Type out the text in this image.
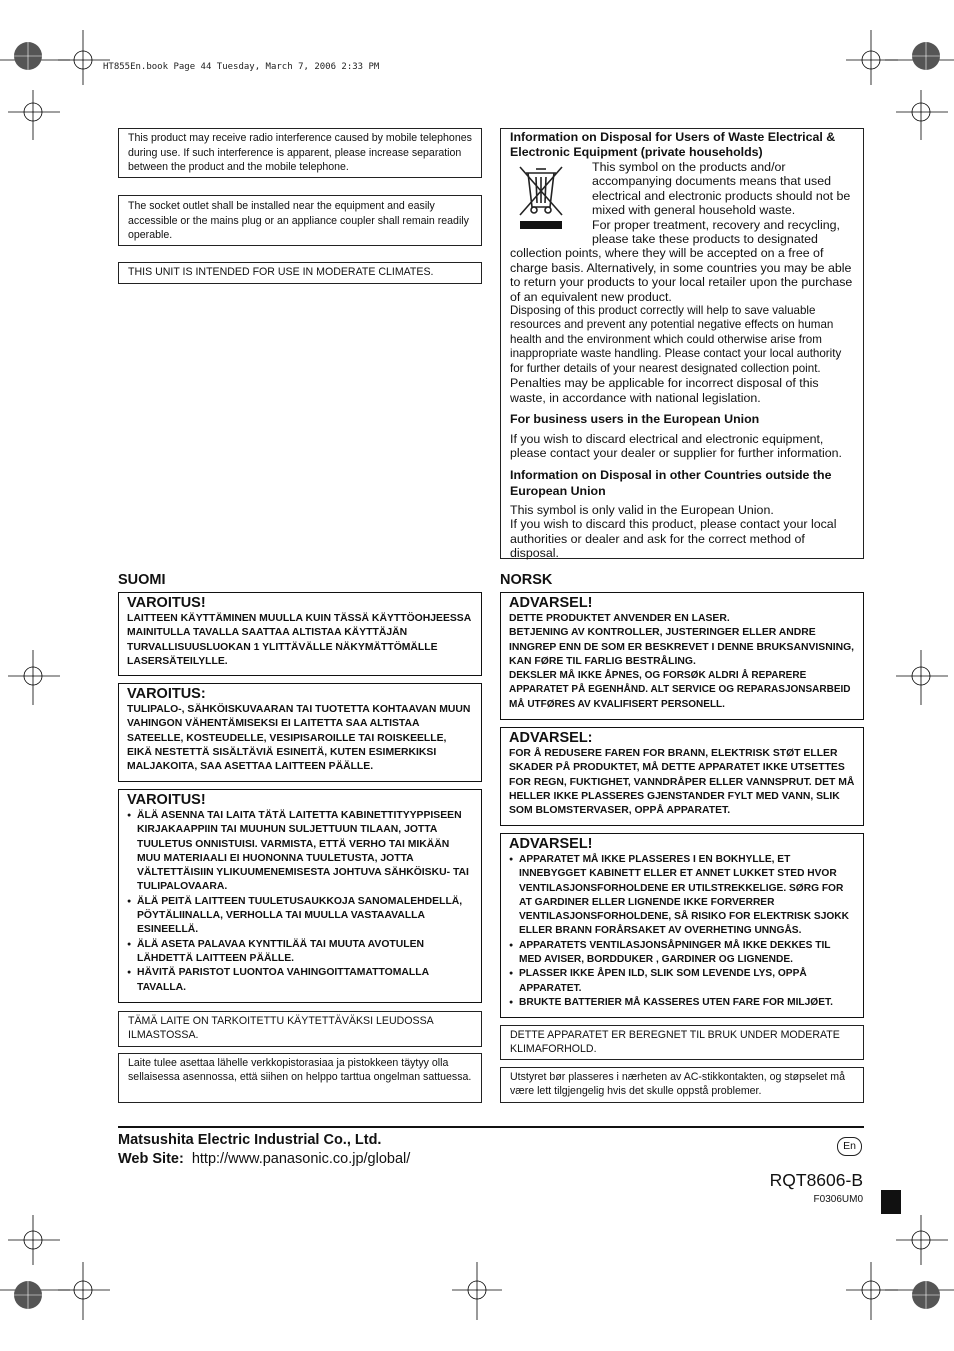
HT855En.book Page 44 Tuesday, March 7, 2006 2:33 PM
This product may receive radio interference caused by mobile telephones during use. If such interference is apparent, please increase separation between the product and the mobile telephone.
The socket outlet shall be installed near the equipment and easily accessible or the mains plug or an appliance coupler shall remain readily operable.
THIS UNIT IS INTENDED FOR USE IN MODERATE CLIMATES.
Information on Disposal for Users of Waste Electrical & Electronic Equipment (private households)
This symbol on the products and/or accompanying documents means that used electrical and electronic products should not be mixed with general household waste.
For proper treatment, recovery and recycling, please take these products to designated collection points, where they will be accepted on a free of charge basis. Alternatively, in some countries you may be able to return your products to your local retailer upon the purchase of an equivalent new product.
Disposing of this product correctly will help to save valuable resources and prevent any potential negative effects on human health and the environment which could otherwise arise from inappropriate waste handling. Please contact your local authority for further details of your nearest designated collection point.
Penalties may be applicable for incorrect disposal of this waste, in accordance with national legislation.
For business users in the European Union
If you wish to discard electrical and electronic equipment, please contact your dealer or supplier for further information.
Information on Disposal in other Countries outside the European Union
This symbol is only valid in the European Union.
If you wish to discard this product, please contact your local authorities or dealer and ask for the correct method of disposal.
SUOMI
VAROITUS!
LAITTEEN KÄYTTÄMINEN MUULLA KUIN TÄSSÄ KÄYTTÖOHJEESSA MAINITULLA TAVALLA SAATTAA ALTISTAA KÄYTTÄJÄN TURVALLISUUSLUOKAN 1 YLITTÄVÄLLE NÄKYMÄTTÖMÄLLE LASERSÄTEILYLLE.
VAROITUS:
TULIPALO-, SÄHKÖISKUVAARAN TAI TUOTETTA KOHTAAVAN MUUN VAHINGON VÄHENTÄMISEKSI EI LAITETTA SAA ALTISTAA SATEELLE, KOSTEUDELLE, VESIPISAROILLE TAI ROISKEELLE, EIKÄ NESTETTÄ SISÄLTÄVIÄ ESINEITÄ, KUTEN ESIMERKIKSI MALJAKOITA, SAA ASETTAA LAITTEEN PÄÄLLE.
VAROITUS!
● ÄLÄ ASENNA TAI LAITA TÄTÄ LAITETTA KABINETTITYYPPISEEN KIRJAKAAPPIIN TAI MUUHUN SULJETTUUN TILAAN, JOTTA TUULETUS ONNISTUISI. VARMISTA, ETTÄ VERHO TAI MIKÄÄN MUU MATERIAALI EI HUONONNA TUULETUSTA, JOTTA VÄLTETTÄISIIN YLIKUUMENEMISESTA JOHTUVA SÄHKÖISKU- TAI TULIPALOVAARA.
● ÄLÄ PEITÄ LAITTEEN TUULETUSAUKKOJA SANOMALEHDELLÄ, PÖYTÄLIINALLA, VERHOLLA TAI MUULLA VASTAAVALLA ESINEELLÄ.
● ÄLÄ ASETA PALAVAA KYNTTILÄÄ TAI MUUTA AVOTULEN LÄHDETTÄ LAITTEEN PÄÄLLE.
● HÄVITÄ PARISTOT LUONTOA VAHINGOITTAMATTOMALLA TAVALLA.
TÄMÄ LAITE ON TARKOITETTU KÄYTETTÄVÄKSI LEUDOSSA ILMASTOSSA.
Laite tulee asettaa lähelle verkkopistorasiaa ja pistokkeen täytyy olla sellaisessa asennossa, että siihen on helppo tarttua ongelman sattuessa.
NORSK
ADVARSEL!
DETTE PRODUKTET ANVENDER EN LASER.
BETJENING AV KONTROLLER, JUSTERINGER ELLER ANDRE INNGREP ENN DE SOM ER BESKREVET I DENNE BRUKSANVISNING, KAN FØRE TIL FARLIG BESTRÅLING.
DEKSLER MÅ IKKE ÅPNES, OG FORSØK ALDRI Å REPARERE APPARATET PÅ EGENHÅND. ALT SERVICE OG REPARASJONSARBEID MÅ UTFØRES AV KVALIFISERT PERSONELL.
ADVARSEL:
FOR Å REDUSERE FAREN FOR BRANN, ELEKTRISK STØT ELLER SKADER PÅ PRODUKTET, MÅ DETTE APPARATET IKKE UTSETTES FOR REGN, FUKTIGHET, VANNDRÅPER ELLER VANNSPRUT. DET MÅ HELLER IKKE PLASSERES GJENSTANDER FYLT MED VANN, SLIK SOM BLOMSTERVASER, OPPÅ APPARATET.
ADVARSEL!
● APPARATET MÅ IKKE PLASSERES I EN BOKHYLLE, ET INNEBYGGET KABINETT ELLER ET ANNET LUKKET STED HVOR VENTILASJONSFORHOLDENE ER UTILSTREKKELIGE. SØRG FOR AT GARDINER ELLER LIGNENDE IKKE FORVERRER VENTILASJONSFORHOLDENE, SÅ RISIKO FOR ELEKTRISK SJOKK ELLER BRANN FORÅRSAKET AV OVERHETING UNNGÅS.
● APPARATETS VENTILASJONSÅPNINGER MÅ IKKE DEKKES TIL MED AVISER, BORDDUKER , GARDINER OG LIGNENDE.
● PLASSER IKKE ÅPEN ILD, SLIK SOM LEVENDE LYS, OPPÅ APPARATET.
● BRUKTE BATTERIER MÅ KASSERES UTEN FARE FOR MILJØET.
DETTE APPARATET ER BEREGNET TIL BRUK UNDER MODERATE KLIMAFORHOLD.
Utstyret bør plasseres i nærheten av AC-stikkontakten, og støpselet må være lett tilgjengelig hvis det skulle oppstå problemer.
Matsushita Electric Industrial Co., Ltd.
Web Site: http://www.panasonic.co.jp/global/
En
RQT8606-B
F0306UM0
